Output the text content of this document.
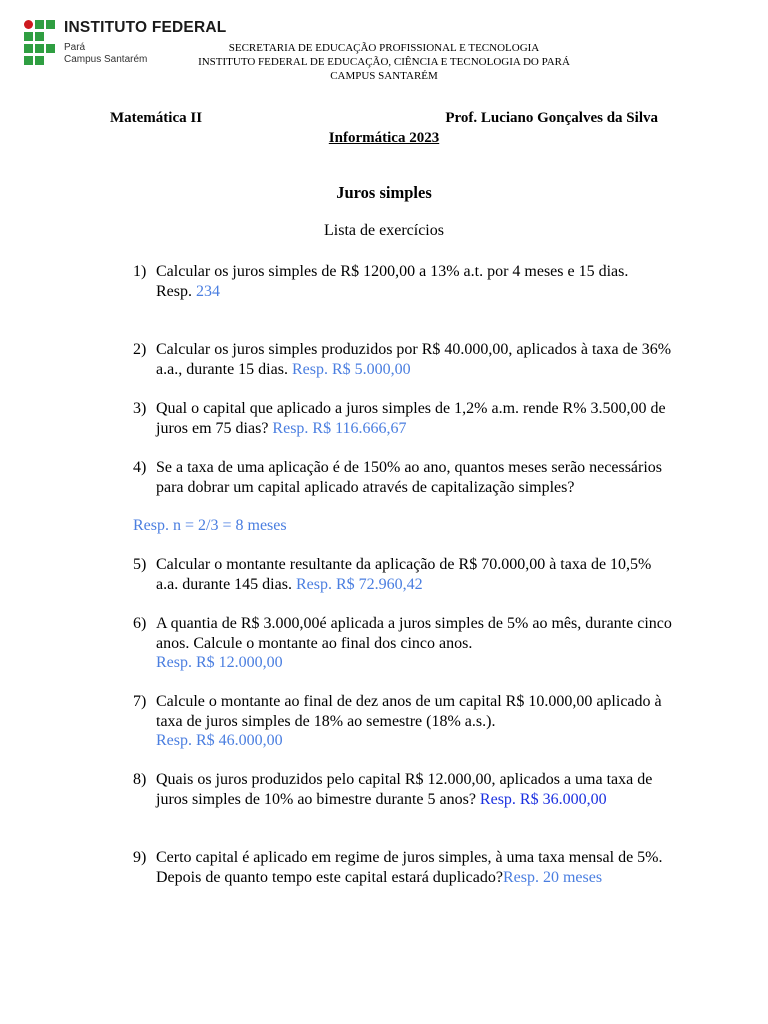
INSTITUTO FEDERAL
Pará
Campus Santarém
SECRETARIA DE EDUCAÇÃO PROFISSIONAL E TECNOLOGIA
INSTITUTO FEDERAL DE EDUCAÇÃO, CIÊNCIA E TECNOLOGIA DO PARÁ
CAMPUS SANTARÉM
Matemática II	Prof. Luciano Gonçalves da Silva
Informática 2023
Juros simples
Lista de exercícios
1) Calcular os juros simples de R$ 1200,00 a 13% a.t. por 4 meses e 15 dias.
Resp. 234
2) Calcular os juros simples produzidos por R$ 40.000,00, aplicados à taxa de 36% a.a., durante 15 dias. Resp. R$ 5.000,00
3) Qual o capital que aplicado a juros simples de 1,2% a.m. rende R% 3.500,00 de juros em 75 dias? Resp. R$ 116.666,67
4) Se a taxa de uma aplicação é de 150% ao ano, quantos meses serão necessários para dobrar um capital aplicado através de capitalização simples?
Resp. n = 2/3 = 8 meses
5) Calcular o montante resultante da aplicação de R$ 70.000,00 à taxa de 10,5% a.a. durante 145 dias. Resp. R$ 72.960,42
6) A quantia de R$ 3.000,00é aplicada a juros simples de 5% ao mês, durante cinco anos. Calcule o montante ao final dos cinco anos.
Resp. R$ 12.000,00
7) Calcule o montante ao final de dez anos de um capital R$ 10.000,00 aplicado à taxa de juros simples de 18% ao semestre (18% a.s.).
Resp. R$ 46.000,00
8) Quais os juros produzidos pelo capital R$ 12.000,00, aplicados a uma taxa de juros simples de 10% ao bimestre durante 5 anos? Resp. R$ 36.000,00
9) Certo capital é aplicado em regime de juros simples, à uma taxa mensal de 5%. Depois de quanto tempo este capital estará duplicado?Resp. 20 meses
